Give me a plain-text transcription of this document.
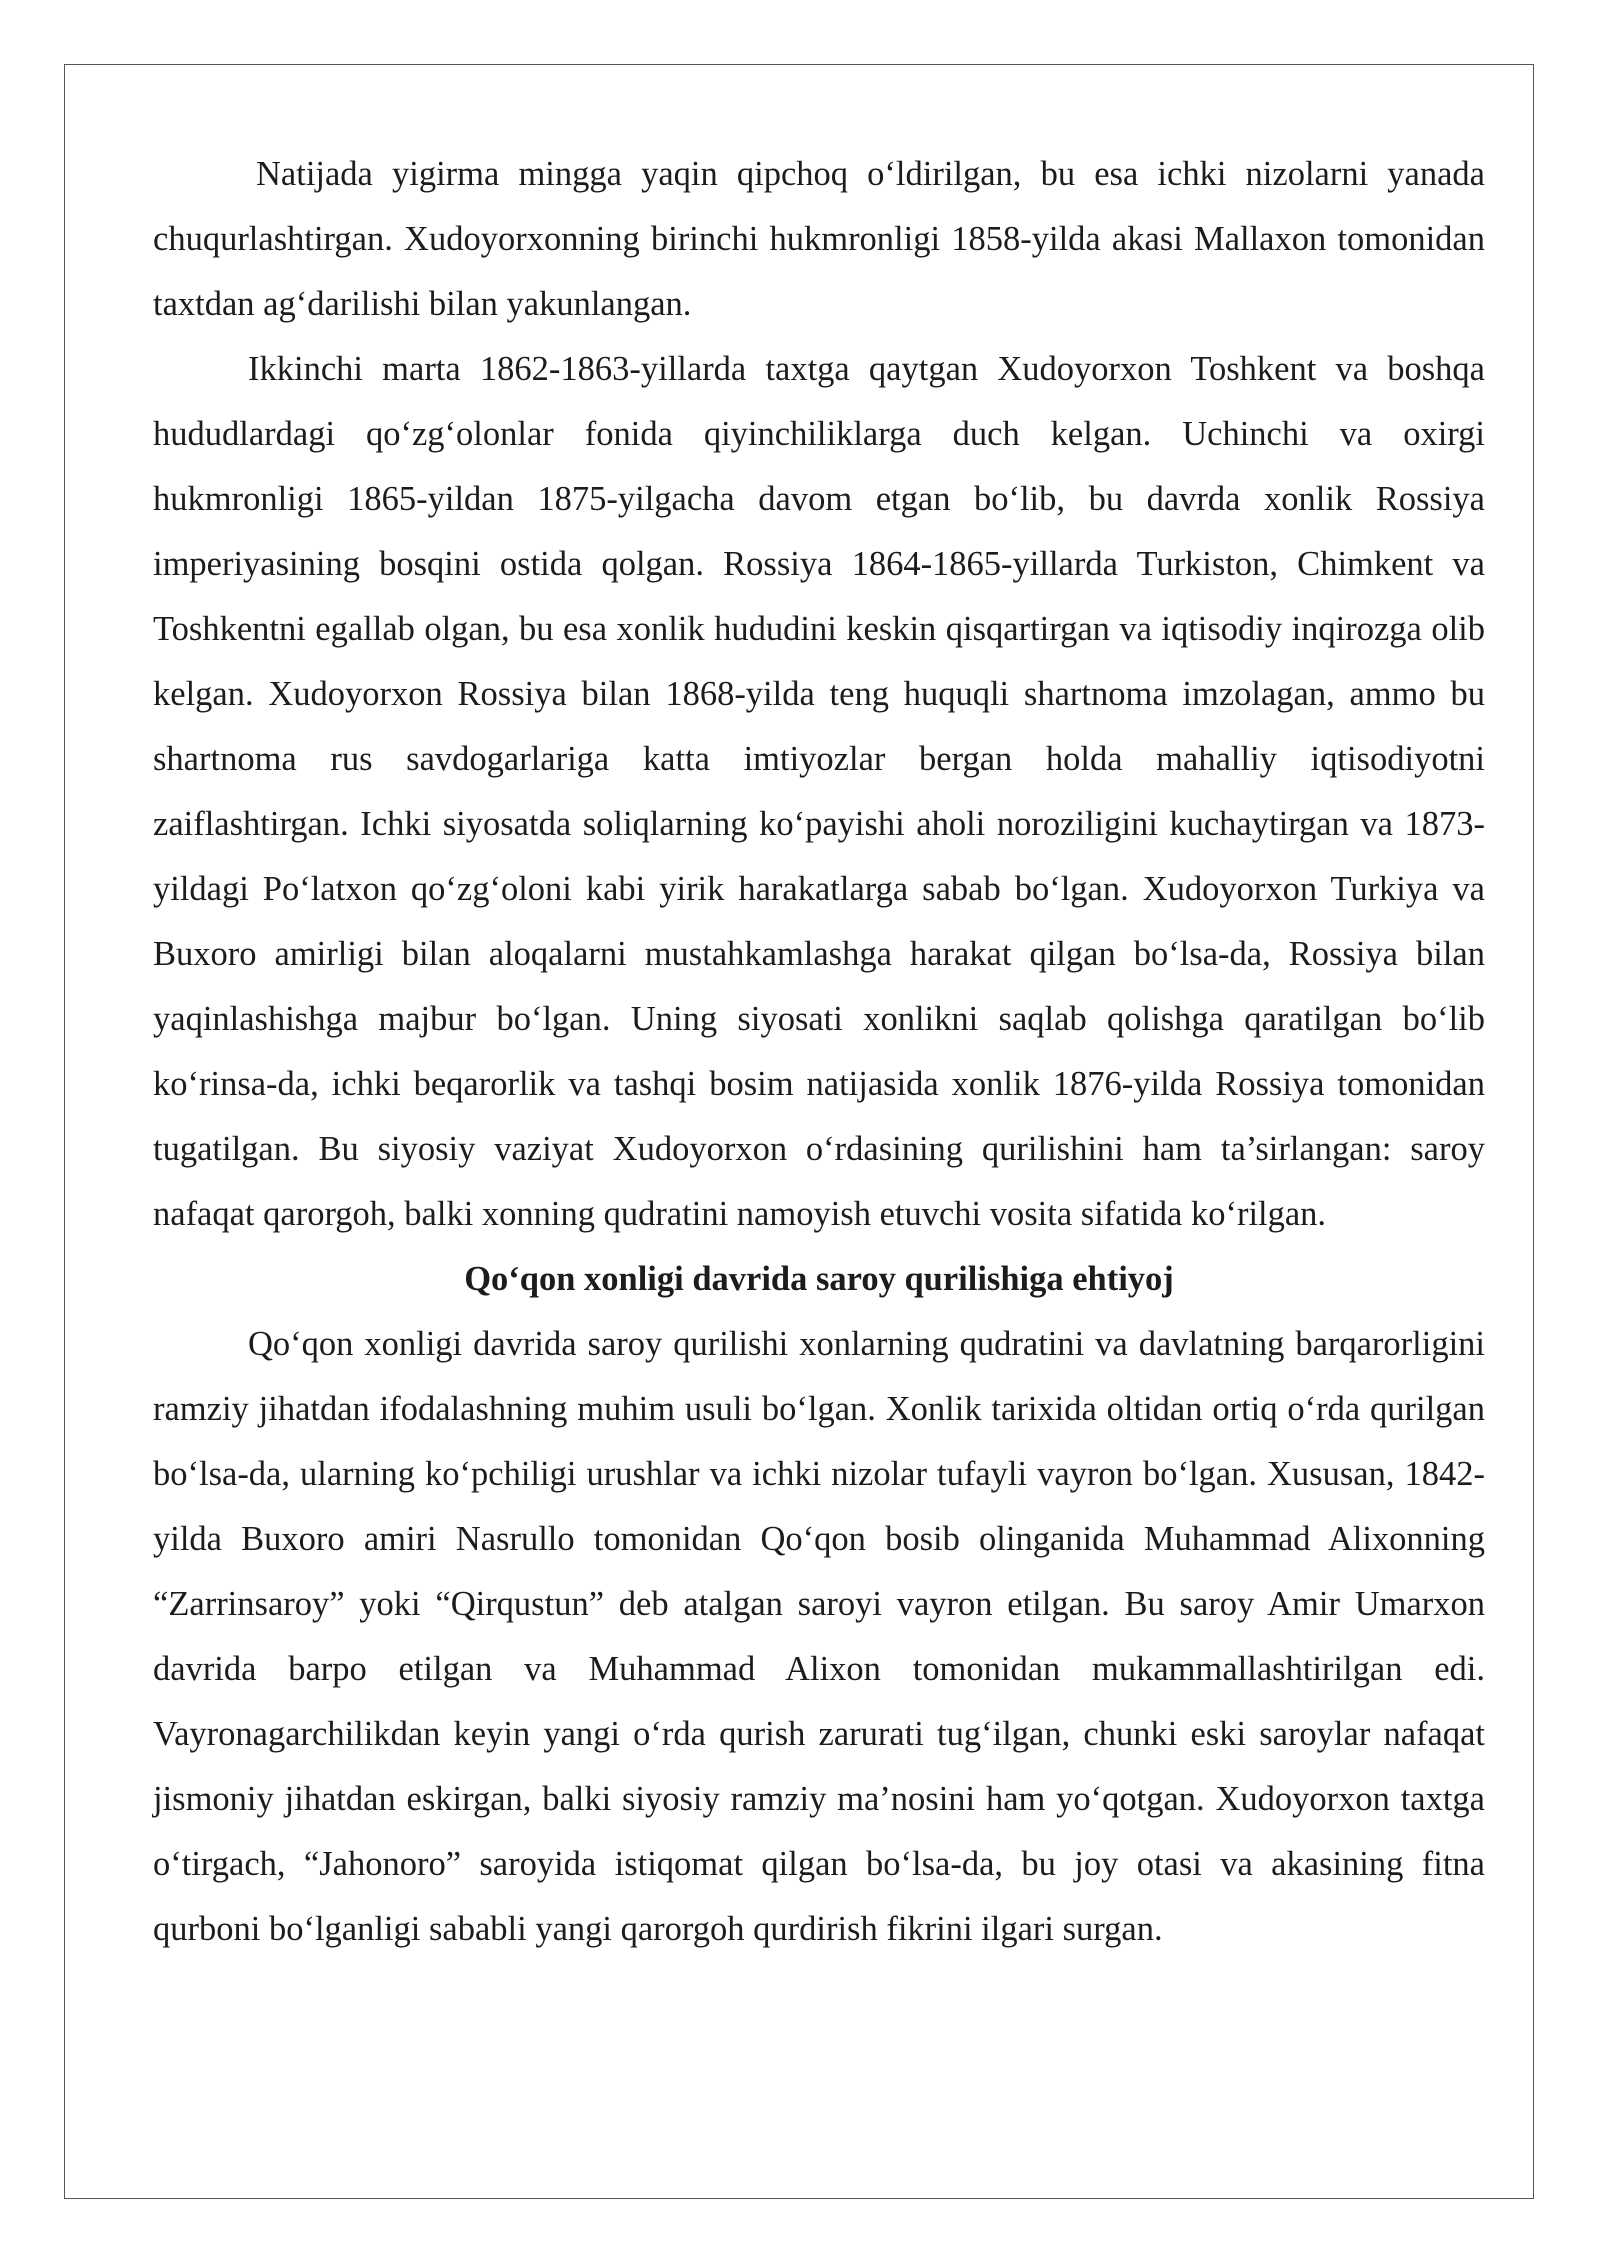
Natijada yigirma mingga yaqin qipchoq o‘ldirilgan, bu esa ichki nizolarni yanada chuqurlashtirgan. Xudoyorxonning birinchi hukmronligi 1858-yilda akasi Mallaxon tomonidan taxtdan ag‘darilishi bilan yakunlangan.

Ikkinchi marta 1862-1863-yillarda taxtga qaytgan Xudoyorxon Toshkent va boshqa hududlardagi qo‘zg‘olonlar fonida qiyinchiliklarga duch kelgan. Uchinchi va oxirgi hukmronligi 1865-yildan 1875-yilgacha davom etgan bo‘lib, bu davrda xonlik Rossiya imperiyasining bosqini ostida qolgan. Rossiya 1864-1865-yillarda Turkiston, Chimkent va Toshkentni egallab olgan, bu esa xonlik hududini keskin qisqartirgan va iqtisodiy inqirozga olib kelgan. Xudoyorxon Rossiya bilan 1868-yilda teng huquqli shartnoma imzolagan, ammo bu shartnoma rus savdogarlariga katta imtiyozlar bergan holda mahalliy iqtisodiyotni zaiflashtirgan. Ichki siyosatda soliqlarning ko‘payishi aholi noroziligini kuchaytirgan va 1873-yildagi Po‘latxon qo‘zg‘oloni kabi yirik harakatlarga sabab bo‘lgan. Xudoyorxon Turkiya va Buxoro amirligi bilan aloqalarni mustahkamlashga harakat qilgan bo‘lsa-da, Rossiya bilan yaqinlashishga majbur bo‘lgan. Uning siyosati xonlikni saqlab qolishga qaratilgan bo‘lib ko‘rinsa-da, ichki beqarorlik va tashqi bosim natijasida xonlik 1876-yilda Rossiya tomonidan tugatilgan. Bu siyosiy vaziyat Xudoyorxon o‘rdasining qurilishini ham ta’sirlangan: saroy nafaqat qarorgoh, balki xonning qudratini namoyish etuvchi vosita sifatida ko‘rilgan.

Qo‘qon xonligi davrida saroy qurilishiga ehtiyoj

Qo‘qon xonligi davrida saroy qurilishi xonlarning qudratini va davlatning barqarorligini ramziy jihatdan ifodalashning muhim usuli bo‘lgan. Xonlik tarixida oltidan ortiq o‘rda qurilgan bo‘lsa-da, ularning ko‘pchiligi urushlar va ichki nizolar tufayli vayron bo‘lgan. Xususan, 1842-yilda Buxoro amiri Nasrullo tomonidan Qo‘qon bosib olinganida Muhammad Alixonning “Zarrinsaroy” yoki “Qirqustun” deb atalgan saroyi vayron etilgan. Bu saroy Amir Umarxon davrida barpo etilgan va Muhammad Alixon tomonidan mukammallashtirilgan edi. Vayronagarchilikdan keyin yangi o‘rda qurish zarurati tug‘ilgan, chunki eski saroylar nafaqat jismoniy jihatdan eskirgan, balki siyosiy ramziy ma’nosini ham yo‘qotgan. Xudoyorxon taxtga o‘tirgach, “Jahonoro” saroyida istiqomat qilgan bo‘lsa-da, bu joy otasi va akasining fitna qurboni bo‘lganligi sababli yangi qarorgoh qurdirish fikrini ilgari surgan.
